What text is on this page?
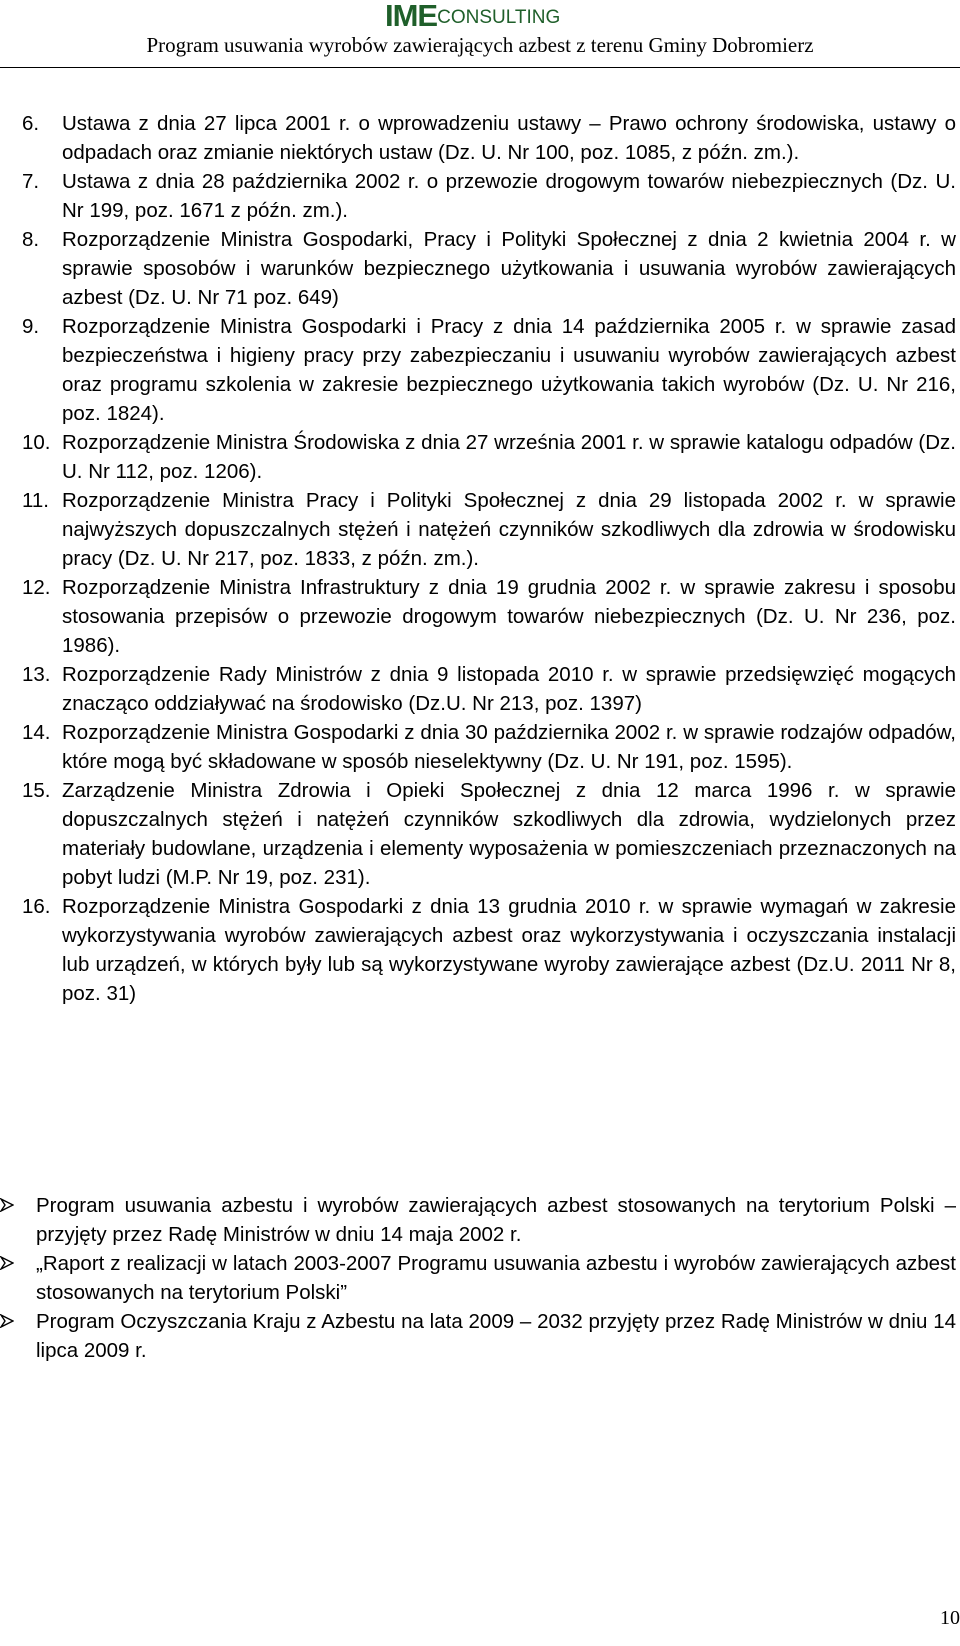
IMECONSULTING
Program usuwania wyrobów zawierających azbest z terenu Gminy Dobromierz
6. Ustawa z dnia 27 lipca 2001 r. o wprowadzeniu ustawy – Prawo ochrony środowiska, ustawy o odpadach oraz zmianie niektórych ustaw (Dz. U. Nr 100, poz. 1085, z późn. zm.).
7. Ustawa z dnia 28 października 2002 r. o przewozie drogowym towarów niebezpiecznych (Dz. U. Nr 199, poz. 1671 z późn. zm.).
8. Rozporządzenie Ministra Gospodarki, Pracy i Polityki Społecznej z dnia 2 kwietnia 2004 r. w sprawie sposobów i warunków bezpiecznego użytkowania i usuwania wyrobów zawierających azbest (Dz. U. Nr 71 poz. 649)
9. Rozporządzenie Ministra Gospodarki i Pracy z dnia 14 października 2005 r. w sprawie zasad bezpieczeństwa i higieny pracy przy zabezpieczaniu i usuwaniu wyrobów zawierających azbest oraz programu szkolenia w zakresie bezpiecznego użytkowania takich wyrobów (Dz. U. Nr 216, poz. 1824).
10. Rozporządzenie Ministra Środowiska z dnia 27 września 2001 r. w sprawie katalogu odpadów (Dz. U. Nr 112, poz. 1206).
11. Rozporządzenie Ministra Pracy i Polityki Społecznej z dnia 29 listopada 2002 r. w sprawie najwyższych dopuszczalnych stężeń i natężeń czynników szkodliwych dla zdrowia w środowisku pracy (Dz. U. Nr 217, poz. 1833, z późn. zm.).
12. Rozporządzenie Ministra Infrastruktury z dnia 19 grudnia 2002 r. w sprawie zakresu i sposobu stosowania przepisów o przewozie drogowym towarów niebezpiecznych (Dz. U. Nr 236, poz. 1986).
13. Rozporządzenie Rady Ministrów z dnia 9 listopada 2010 r. w sprawie przedsięwzięć mogących znacząco oddziaływać na środowisko (Dz.U. Nr 213, poz. 1397)
14. Rozporządzenie Ministra Gospodarki z dnia 30 października 2002 r. w sprawie rodzajów odpadów, które mogą być składowane w sposób nieselektywny (Dz. U. Nr 191, poz. 1595).
15. Zarządzenie Ministra Zdrowia i Opieki Społecznej z dnia 12 marca 1996 r. w sprawie dopuszczalnych stężeń i natężeń czynników szkodliwych dla zdrowia, wydzielonych przez materiały budowlane, urządzenia i elementy wyposażenia w pomieszczeniach przeznaczonych na pobyt ludzi (M.P. Nr 19, poz. 231).
16. Rozporządzenie Ministra Gospodarki z dnia 13 grudnia 2010 r. w sprawie wymagań w zakresie wykorzystywania wyrobów zawierających azbest oraz wykorzystywania i oczyszczania instalacji lub urządzeń, w których były lub są wykorzystywane wyroby zawierające azbest (Dz.U. 2011 Nr 8, poz. 31)
Program usuwania azbestu i wyrobów zawierających azbest stosowanych na terytorium Polski – przyjęty przez Radę Ministrów w dniu 14 maja 2002 r.
„Raport z realizacji w latach 2003-2007 Programu usuwania azbestu i wyrobów zawierających azbest stosowanych na terytorium Polski”
Program Oczyszczania Kraju z Azbestu na lata 2009 – 2032 przyjęty przez Radę Ministrów w dniu 14 lipca 2009 r.
10
